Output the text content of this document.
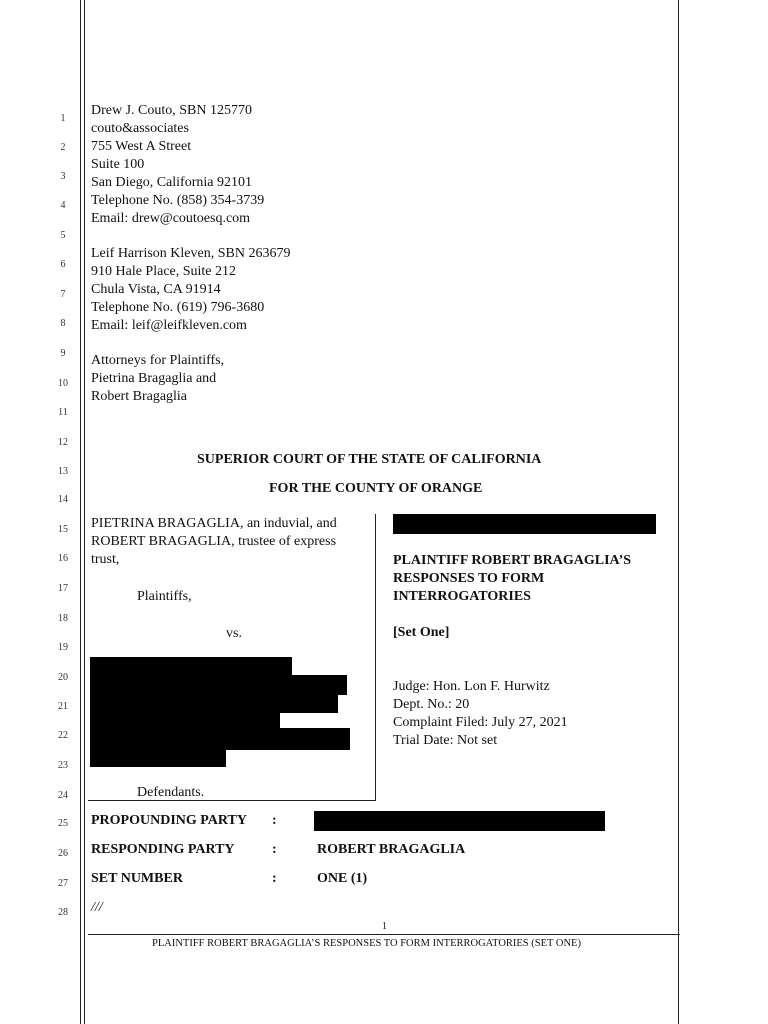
1
2
3
4
5
6
7
8
9
10
11
12
13
14
15
16
17
18
19
20
21
22
23
24
25
26
27
28
Drew J. Couto, SBN 125770
couto&associates
755 West A Street
Suite 100
San Diego, California 92101
Telephone No. (858) 354-3739
Email: drew@coutoesq.com
Leif Harrison Kleven, SBN 263679
910 Hale Place, Suite 212
Chula Vista, CA 91914
Telephone No. (619) 796-3680
Email: leif@leifkleven.com
Attorneys for Plaintiffs,
Pietrina Bragaglia and
Robert Bragaglia
SUPERIOR COURT OF THE STATE OF CALIFORNIA
FOR THE COUNTY OF ORANGE
PIETRINA BRAGAGLIA, an induvial, and
ROBERT BRAGAGLIA, trustee of express
trust,
Plaintiffs,
vs.
Defendants.
PLAINTIFF ROBERT BRAGAGLIA’S
RESPONSES TO FORM
INTERROGATORIES
[Set One]
Judge: Hon. Lon F. Hurwitz
Dept. No.: 20
Complaint Filed: July 27, 2021
Trial Date: Not set
PROPOUNDING PARTY :
RESPONDING PARTY	:	ROBERT BRAGAGLIA
SET NUMBER	:	ONE (1)
///
1
PLAINTIFF ROBERT BRAGAGLIA’S RESPONSES TO FORM INTERROGATORIES (SET ONE)
